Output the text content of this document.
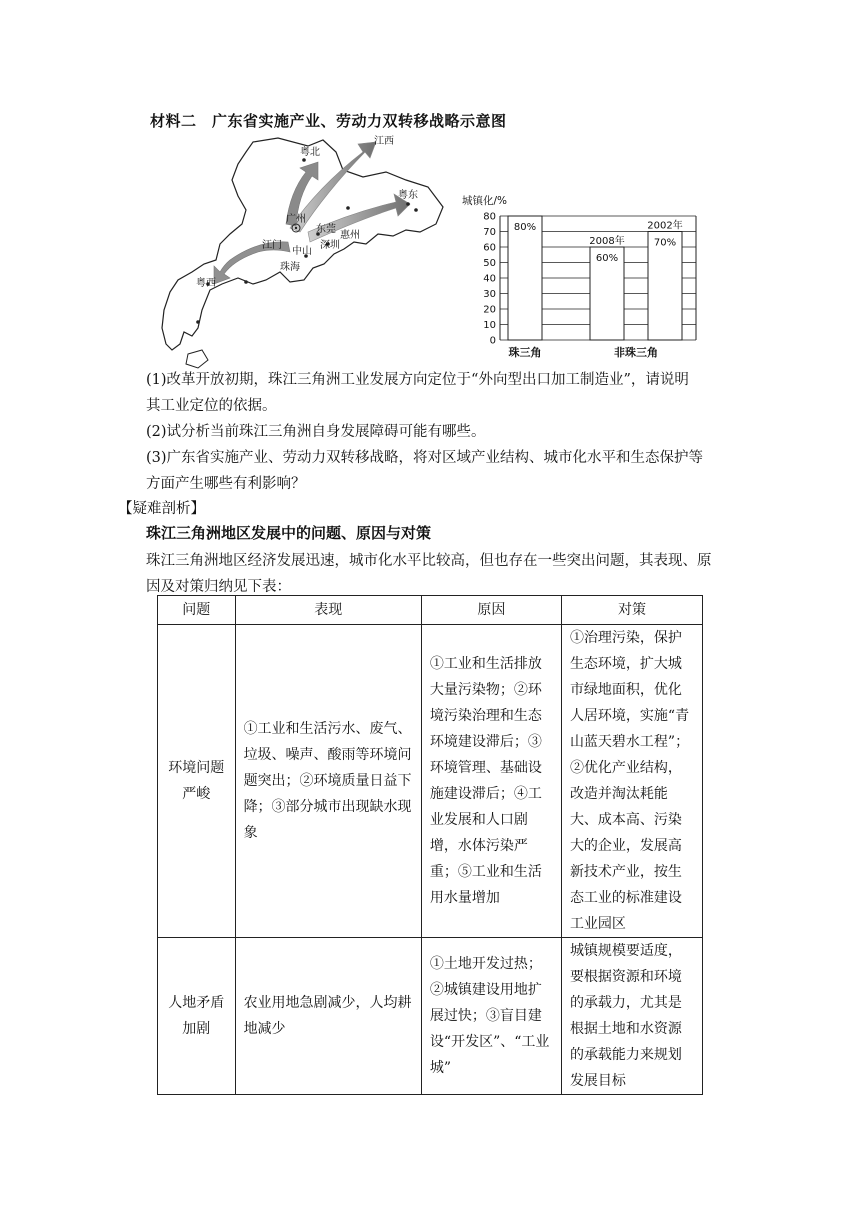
材料二　广东省实施产业、劳动力双转移战略示意图
粤北
江西
粤东
广州
东莞
惠州
江门
中山
深圳
珠海
粤西
城镇化/%
80
70
60
50
40
30
20
10
0
80%
60%
2008年	70%
2002年
珠三角	非珠三角
(1)改革开放初期，珠江三角洲工业发展方向定位于“外向型出口加工制造业”，请说明
其工业定位的依据。
(2)试分析当前珠江三角洲自身发展障碍可能有哪些。
(3)广东省实施产业、劳动力双转移战略，将对区域产业结构、城市化水平和生态保护等
方面产生哪些有利影响？
【疑难剖析】
珠江三角洲地区发展中的问题、原因与对策
珠江三角洲地区经济发展迅速，城市化水平比较高，但也存在一些突出问题，其表现、原
因及对策归纳见下表：
问题	表现	原因	对策
环境问题严峻	①工业和生活污水、废气、垃圾、噪声、酸雨等环境问题突出；②环境质量日益下降；③部分城市出现缺水现象	①工业和生活排放大量污染物；②环境污染治理和生态环境建设滞后；③环境管理、基础设施建设滞后；④工业发展和人口剧增，水体污染严重；⑤工业和生活用水量增加	①治理污染，保护生态环境，扩大城市绿地面积，优化人居环境，实施“青山蓝天碧水工程”；②优化产业结构，改造并淘汰耗能大、成本高、污染大的企业，发展高新技术产业，按生态工业的标准建设工业园区
人地矛盾加剧	农业用地急剧减少，人均耕地减少	①土地开发过热；②城镇建设用地扩展过快；③盲目建设“开发区”、“工业城”	城镇规模要适度，要根据资源和环境的承载力，尤其是根据土地和水资源的承载能力来规划发展目标
